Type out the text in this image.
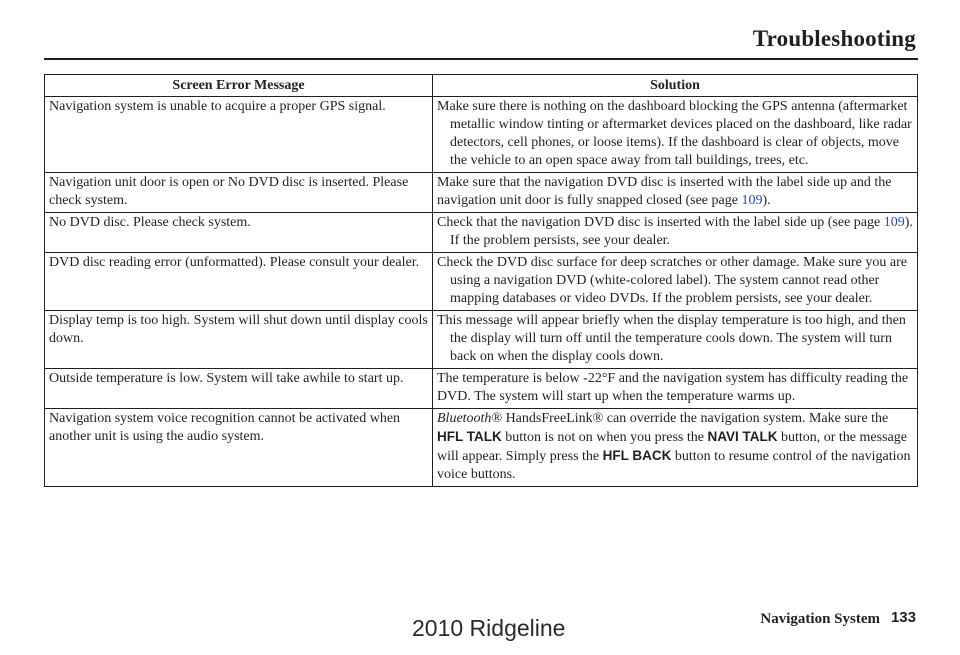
Troubleshooting
Screen Error Message	Solution
Navigation system is unable to acquire a proper GPS signal.	Make sure there is nothing on the dashboard blocking the GPS antenna (aftermarket metallic window tinting or aftermarket devices placed on the dashboard, like radar detectors, cell phones, or loose items). If the dashboard is clear of objects, move the vehicle to an open space away from tall buildings, trees, etc.
Navigation unit door is open or No DVD disc is inserted. Please check system.	Make sure that the navigation DVD disc is inserted with the label side up and the navigation unit door is fully snapped closed (see page 109).
No DVD disc. Please check system.	Check that the navigation DVD disc is inserted with the label side up (see page 109). If the problem persists, see your dealer.
DVD disc reading error (unformatted). Please consult your dealer.	Check the DVD disc surface for deep scratches or other damage. Make sure you are using a navigation DVD (white-colored label). The system cannot read other mapping databases or video DVDs. If the problem persists, see your dealer.
Display temp is too high. System will shut down until display cools down.	This message will appear briefly when the display temperature is too high, and then the display will turn off until the temperature cools down. The system will turn back on when the display cools down.
Outside temperature is low. System will take awhile to start up.	The temperature is below -22°F and the navigation system has difficulty reading the DVD. The system will start up when the temperature warms up.
Navigation system voice recognition cannot be activated when another unit is using the audio system.	Bluetooth® HandsFreeLink® can override the navigation system. Make sure the HFL TALK button is not on when you press the NAVI TALK button, or the message will appear. Simply press the HFL BACK button to resume control of the navigation voice buttons.
Navigation System 133
2010 Ridgeline
